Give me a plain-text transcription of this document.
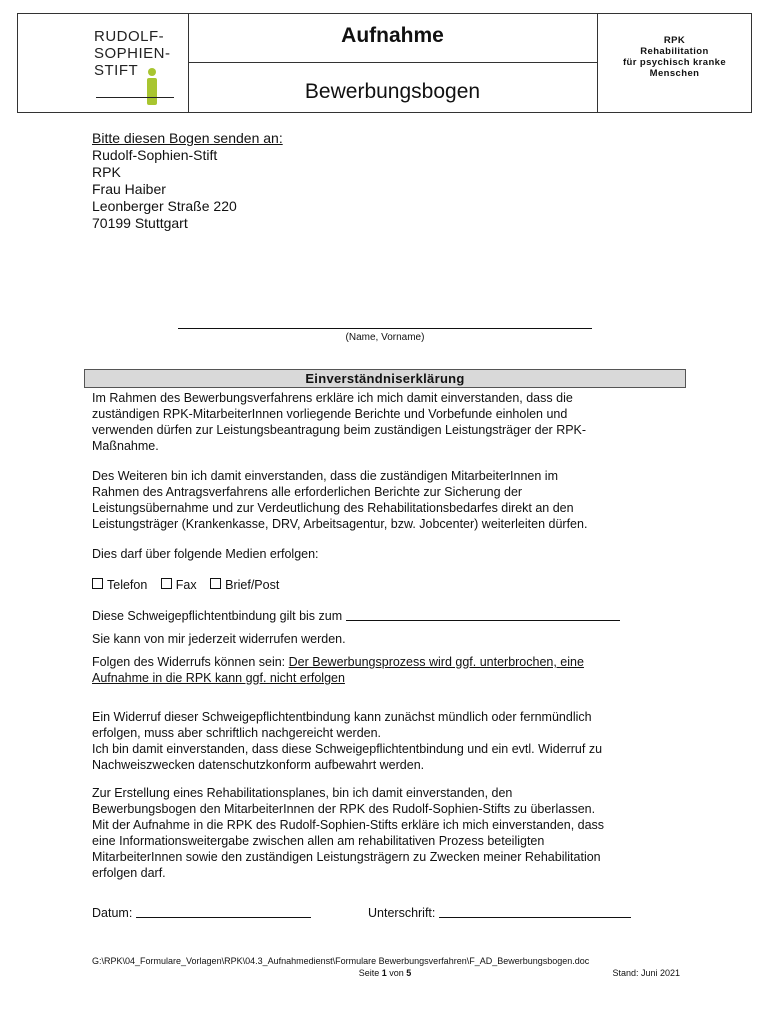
RUDOLF-
SOPHIEN-
STIFT
Aufnahme
Bewerbungsbogen
RPK
Rehabilitation
für psychisch kranke
Menschen
Bitte diesen Bogen senden an:
Rudolf-Sophien-Stift
RPK
Frau Haiber
Leonberger Straße 220
70199 Stuttgart
(Name, Vorname)
Einverständniserklärung
Im Rahmen des Bewerbungsverfahrens erkläre ich mich damit einverstanden, dass die
zuständigen RPK-MitarbeiterInnen vorliegende Berichte und Vorbefunde einholen und
verwenden dürfen zur Leistungsbeantragung beim zuständigen Leistungsträger der RPK-
Maßnahme.
Des Weiteren bin ich damit einverstanden, dass die zuständigen MitarbeiterInnen im
Rahmen des Antragsverfahrens alle erforderlichen Berichte zur Sicherung der
Leistungsübernahme und zur Verdeutlichung des Rehabilitationsbedarfes direkt an den
Leistungsträger (Krankenkasse, DRV, Arbeitsagentur, bzw. Jobcenter) weiterleiten dürfen.
Dies darf über folgende Medien erfolgen:
Telefon Fax Brief/Post
Diese Schweigepflichtentbindung gilt bis zum
Sie kann von mir jederzeit widerrufen werden.
Folgen des Widerrufs können sein: Der Bewerbungsprozess wird ggf. unterbrochen, eine
Aufnahme in die RPK kann ggf. nicht erfolgen
Ein Widerruf dieser Schweigepflichtentbindung kann zunächst mündlich oder fernmündlich
erfolgen, muss aber schriftlich nachgereicht werden.
Ich bin damit einverstanden, dass diese Schweigepflichtentbindung und ein evtl. Widerruf zu
Nachweiszwecken datenschutzkonform aufbewahrt werden.
Zur Erstellung eines Rehabilitationsplanes, bin ich damit einverstanden, den
Bewerbungsbogen den MitarbeiterInnen der RPK des Rudolf-Sophien-Stifts zu überlassen.
Mit der Aufnahme in die RPK des Rudolf-Sophien-Stifts erkläre ich mich einverstanden, dass
eine Informationsweitergabe zwischen allen am rehabilitativen Prozess beteiligten
MitarbeiterInnen sowie den zuständigen Leistungsträgern zu Zwecken meiner Rehabilitation
erfolgen darf.
Datum:	Unterschrift:
G:\RPK\04_Formulare_Vorlagen\RPK\04.3_Aufnahmedienst\Formulare Bewerbungsverfahren\F_AD_Bewerbungsbogen.doc
Seite 1 von 5	Stand: Juni 2021
